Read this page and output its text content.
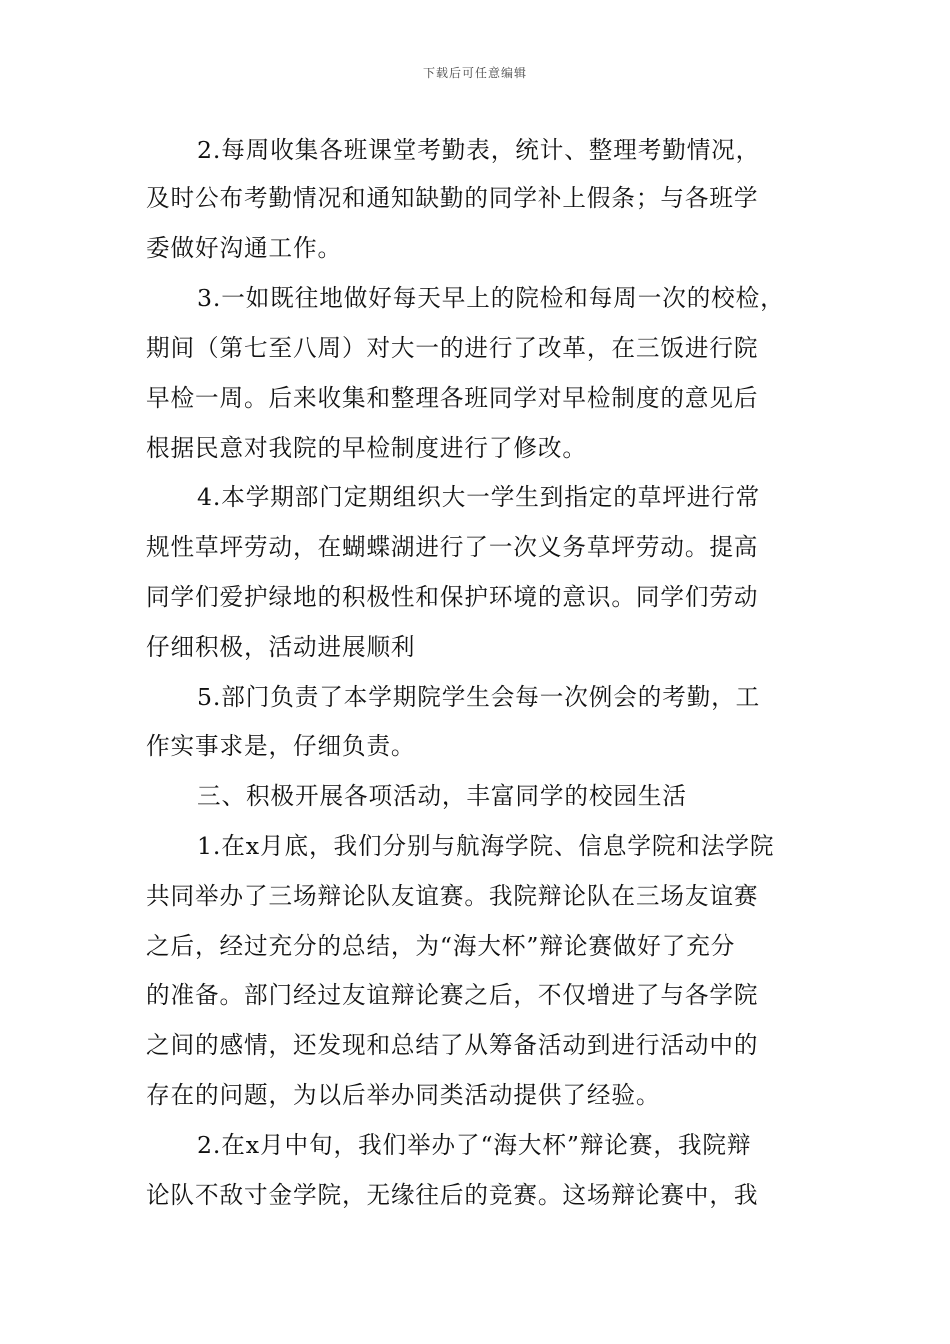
下载后可任意编辑
2.每周收集各班课堂考勤表，统计、整理考勤情况，
及时公布考勤情况和通知缺勤的同学补上假条；与各班学
委做好沟通工作。
3.一如既往地做好每天早上的院检和每周一次的校检，
期间（第七至八周）对大一的进行了改革，在三饭进行院
早检一周。后来收集和整理各班同学对早检制度的意见后
根据民意对我院的早检制度进行了修改。
4.本学期部门定期组织大一学生到指定的草坪进行常
规性草坪劳动，在蝴蝶湖进行了一次义务草坪劳动。提高
同学们爱护绿地的积极性和保护环境的意识。同学们劳动
仔细积极，活动进展顺利
5.部门负责了本学期院学生会每一次例会的考勤，工
作实事求是，仔细负责。
三、积极开展各项活动，丰富同学的校园生活
1.在x月底，我们分别与航海学院、信息学院和法学院
共同举办了三场辩论队友谊赛。我院辩论队在三场友谊赛
之后，经过充分的总结，为“海大杯”辩论赛做好了充分
的准备。部门经过友谊辩论赛之后，不仅增进了与各学院
之间的感情，还发现和总结了从筹备活动到进行活动中的
存在的问题，为以后举办同类活动提供了经验。
2.在x月中旬，我们举办了“海大杯”辩论赛，我院辩
论队不敌寸金学院，无缘往后的竞赛。这场辩论赛中，我
